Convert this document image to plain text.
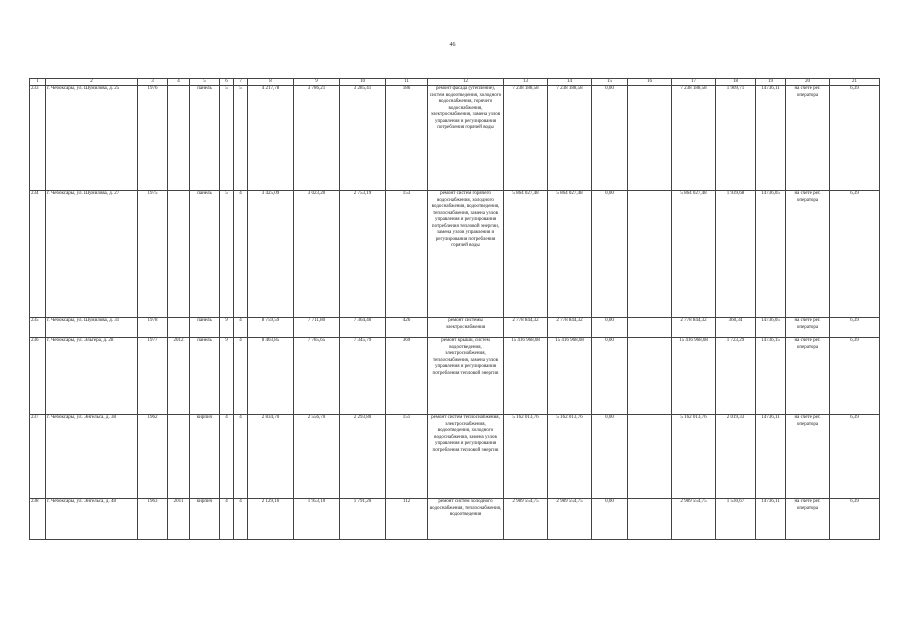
46
1	2	3	4	5	6	7	8	9	10	11	12	13	14	15	16	17	18	19	20	21
233	г. Чебоксары, ул. Шумилова, д. 25	1976		панель	5	5	4 217,78	3 786,21	3 285,41	186	ремонт фасада (утепление), систем водоотведения, холодного водоснабжения, горячего водоснабжения, электроснабжения, замена узлов управления и регулирования потребления горячей воды	7 238 188,58	7 238 188,58	0,00		7 238 188,58	1 909,71	14736,11	на счете рег. оператора	6,39
234	г. Чебоксары, ул. Шумилова, д. 27	1975		панель	5	4	3 425,09	3 023,20	2 753,19	153	ремонт систем горячего водоснабжения, холодного водоснабжения, водоотведения, теплоснабжения, замена узлов управления и регулирования потребления тепловой энергии, замена узлов управления и регулирования потребления горячей воды	5 864 027,48	5 864 027,48	0,00		5 864 027,48	1 939,68	14736,05	на счете рег. оператора	6,39
235	г. Чебоксары, ул. Шумилова, д. 31	1978		панель	9	4	8 759,59	7 711,80	7 364,40	426	ремонт системы электроснабжения	2 778 844,32	2 778 844,32	0,00		2 778 844,32	360,34	14736,05	на счете рег. оператора	6,39
236	г. Чебоксары, ул. Эльгера, д. 28	1977	2012	панель	9	4	8 403,85	7 785,65	7 345,79	369	ремонт крыши, систем водоотведения, электроснабжения, теплоснабжения, замена узлов управления и регулирования потребления тепловой энергии	15 416 968,08	15 416 968,08	0,00		15 416 968,08	1 723,29	14736,15	на счете рег. оператора	6,39
237	г. Чебоксары, ул. Энгельса, д. 38	1962		кирпич	4	4	2 834,70	2 556,70	2 293,80	151	ремонт систем теплоснабжения, электроснабжения, водоотведения, холодного водоснабжения, замена узлов управления и регулирования потребления тепловой энергии	5 162 013,76	5 162 013,76	0,00		5 162 013,76	2 019,33	14736,11	на счете рег. оператора	6,39
238	г. Чебоксары, ул. Энгельса, д. 48	1963	2011	кирпич	4	4	2 129,10	1 953,10	1 791,20	112	ремонт систем холодного водоснабжения, теплоснабжения, водоотведения	2 989 554,75	2 989 554,75	0,00		2 989 554,75	1 530,67	14736,11	на счете рег. оператора	6,39
